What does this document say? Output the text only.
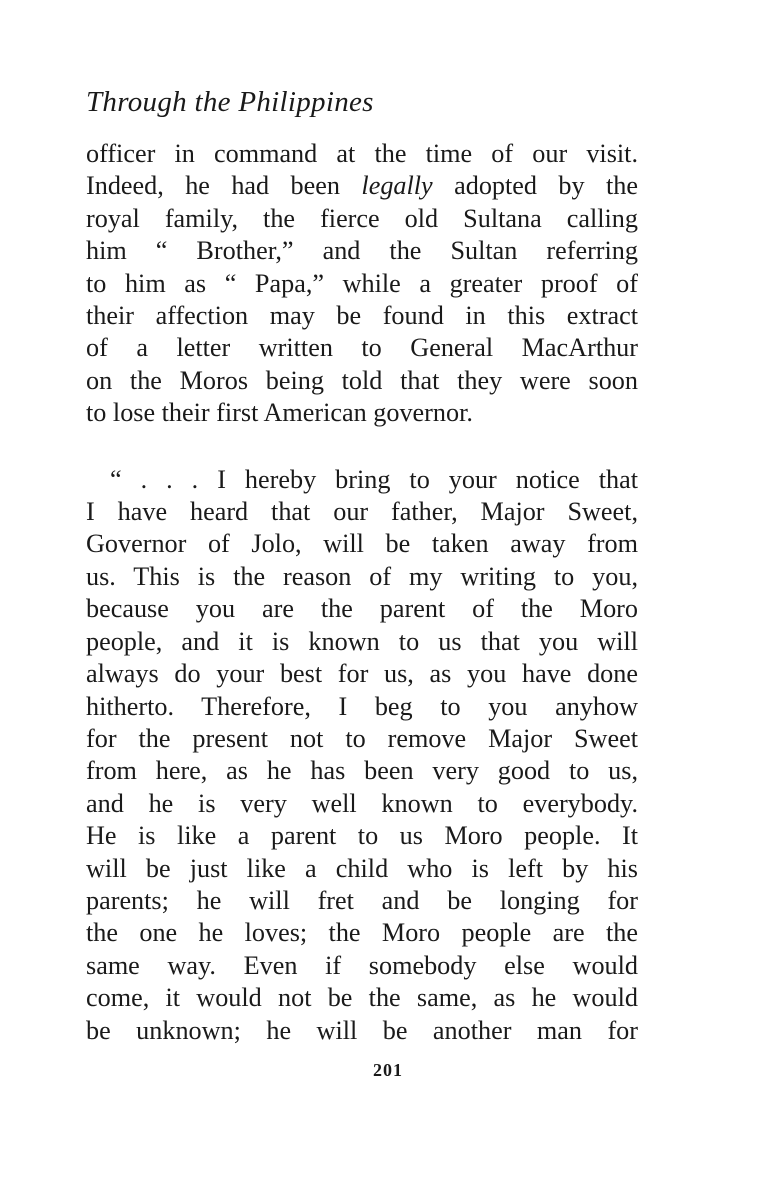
Through the Philippines
officer in command at the time of our visit.
Indeed, he had been legally adopted by the
royal family, the fierce old Sultana calling
him “ Brother,” and the Sultan referring
to him as “ Papa,” while a greater proof of
their affection may be found in this extract
of a letter written to General MacArthur
on the Moros being told that they were soon
to lose their first American governor.
“ . . . I hereby bring to your notice that
I have heard that our father, Major Sweet,
Governor of Jolo, will be taken away from
us. This is the reason of my writing to you,
because you are the parent of the Moro
people, and it is known to us that you will
always do your best for us, as you have done
hitherto. Therefore, I beg to you anyhow
for the present not to remove Major Sweet
from here, as he has been very good to us,
and he is very well known to everybody.
He is like a parent to us Moro people. It
will be just like a child who is left by his
parents; he will fret and be longing for
the one he loves; the Moro people are the
same way. Even if somebody else would
come, it would not be the same, as he would
be unknown; he will be another man for
201
